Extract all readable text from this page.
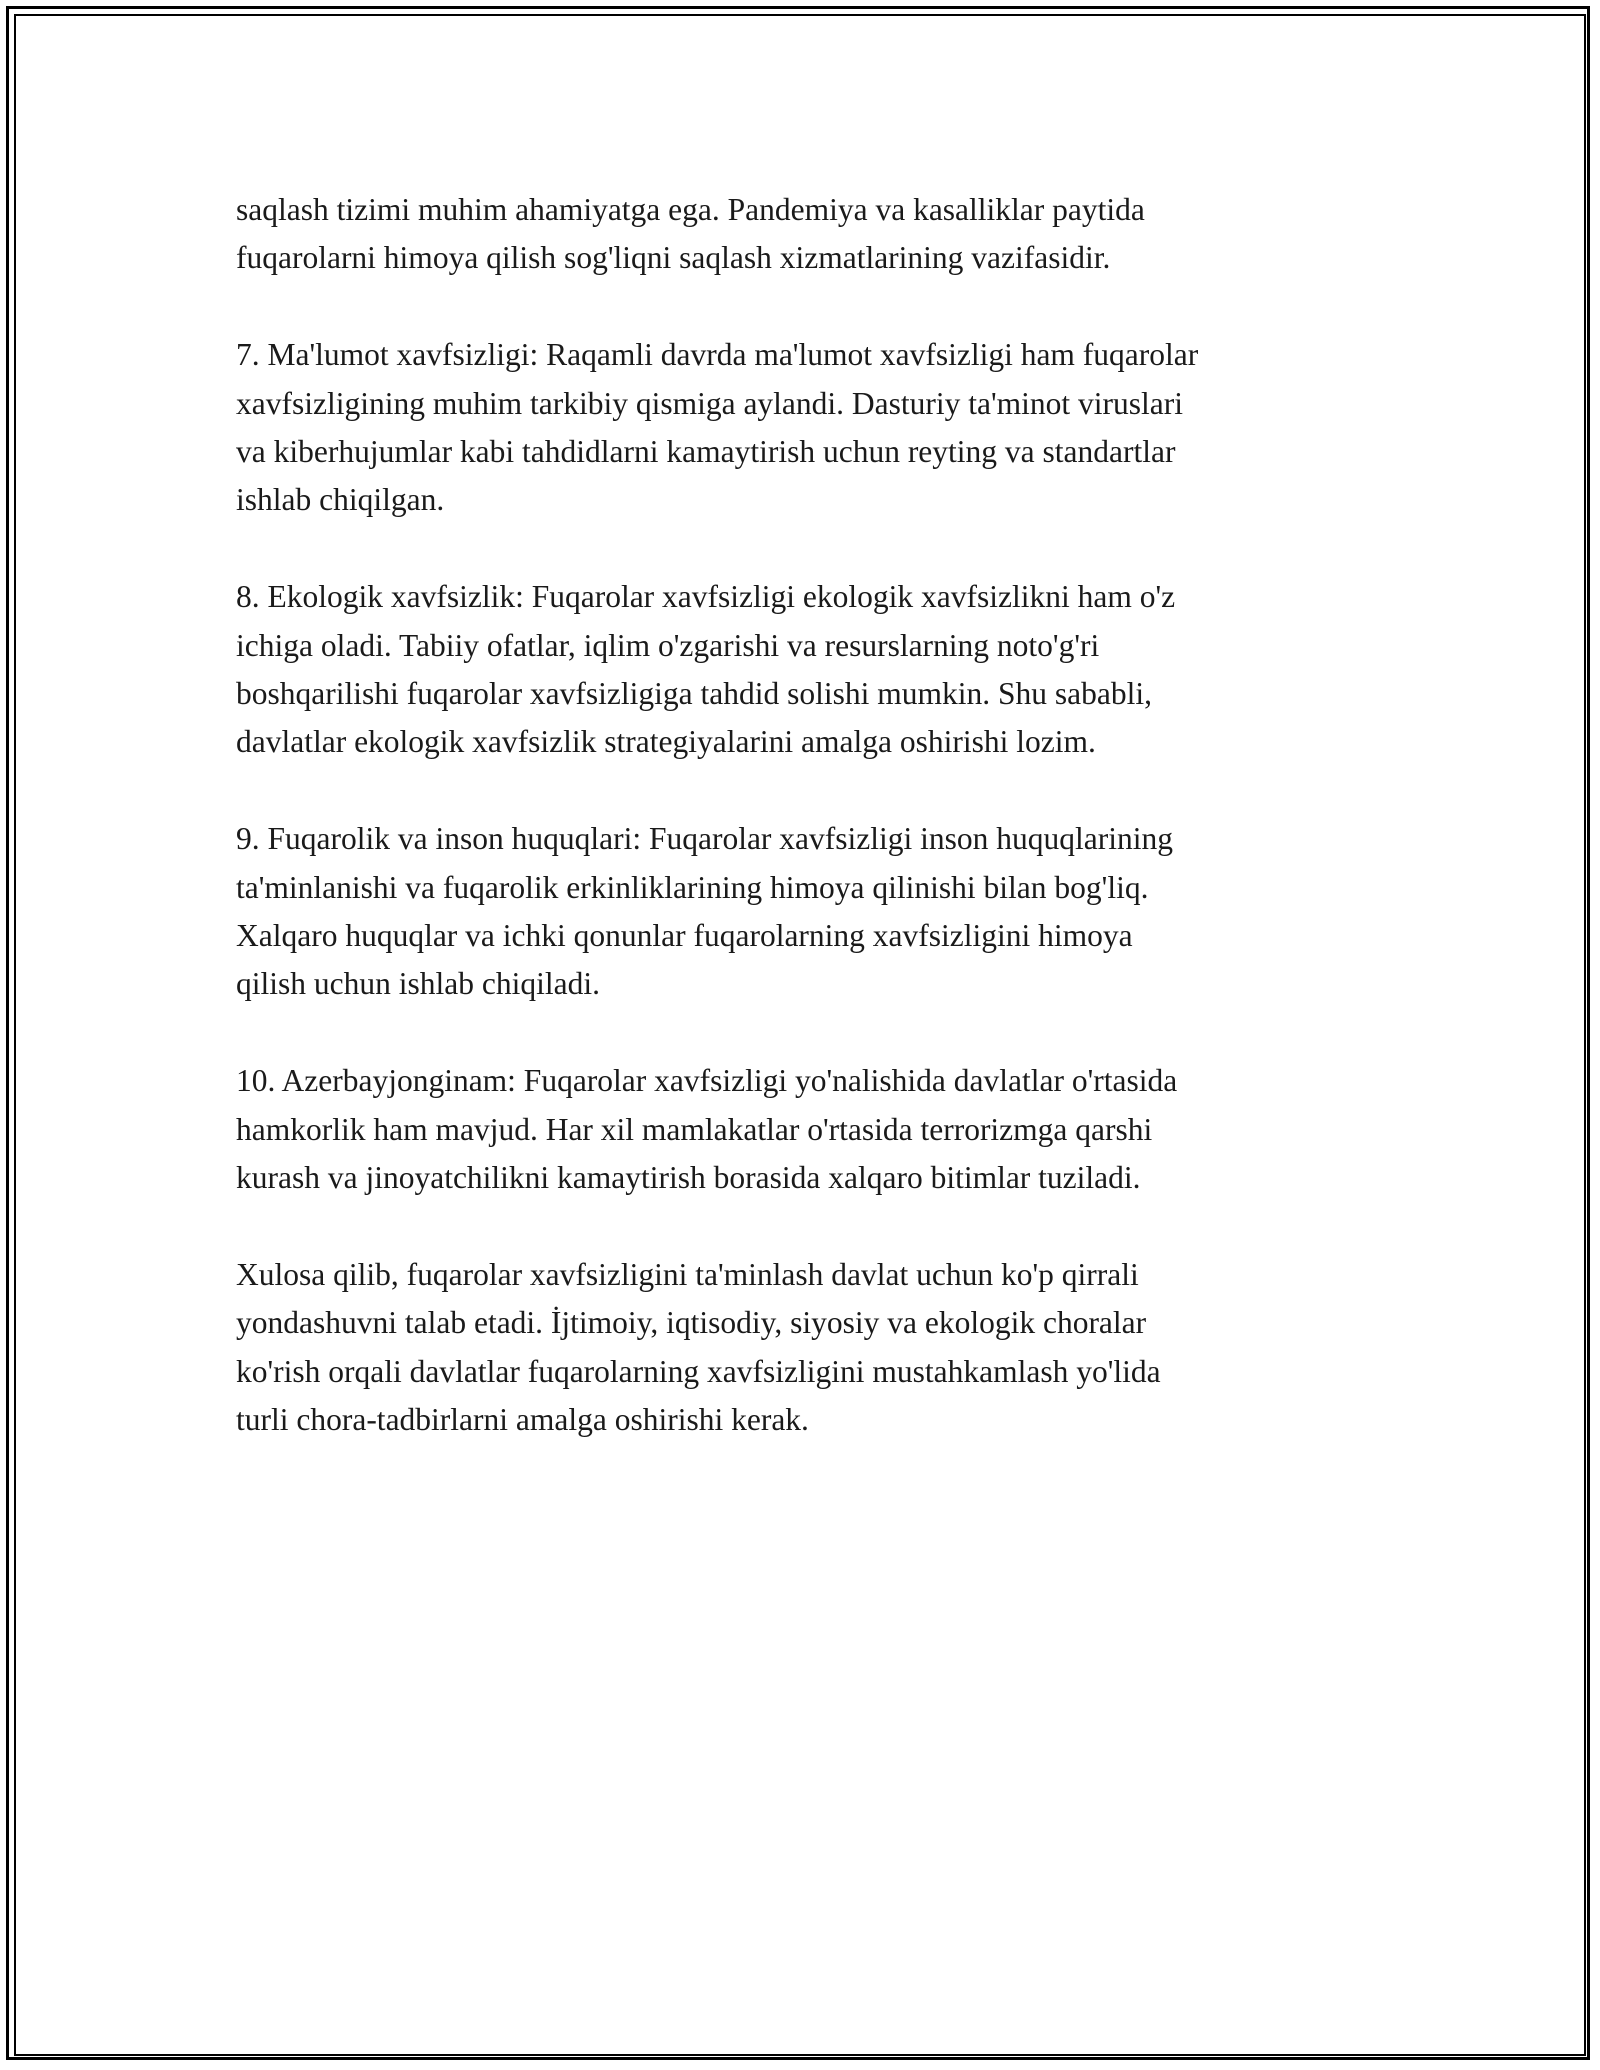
saqlash tizimi muhim ahamiyatga ega. Pandemiya va kasalliklar paytida
fuqarolarni himoya qilish sog'liqni saqlash xizmatlarining vazifasidir.

7. Ma'lumot xavfsizligi: Raqamli davrda ma'lumot xavfsizligi ham fuqarolar
xavfsizligining muhim tarkibiy qismiga aylandi. Dasturiy ta'minot viruslari
va kiberhujumlar kabi tahdidlarni kamaytirish uchun reyting va standartlar
ishlab chiqilgan.

8. Ekologik xavfsizlik: Fuqarolar xavfsizligi ekologik xavfsizlikni ham o'z
ichiga oladi. Tabiiy ofatlar, iqlim o'zgarishi va resurslarning noto'g'ri
boshqarilishi fuqarolar xavfsizligiga tahdid solishi mumkin. Shu sababli,
davlatlar ekologik xavfsizlik strategiyalarini amalga oshirishi lozim.

9. Fuqarolik va inson huquqlari: Fuqarolar xavfsizligi inson huquqlarining
ta'minlanishi va fuqarolik erkinliklarining himoya qilinishi bilan bog'liq.
Xalqaro huquqlar va ichki qonunlar fuqarolarning xavfsizligini himoya
qilish uchun ishlab chiqiladi.

10. Azerbayjonginam: Fuqarolar xavfsizligi yo'nalishida davlatlar o'rtasida
hamkorlik ham mavjud. Har xil mamlakatlar o'rtasida terrorizmga qarshi
kurash va jinoyatchilikni kamaytirish borasida xalqaro bitimlar tuziladi.

Xulosa qilib, fuqarolar xavfsizligini ta'minlash davlat uchun ko'p qirrali
yondashuvni talab etadi. İjtimoiy, iqtisodiy, siyosiy va ekologik choralar
ko'rish orqali davlatlar fuqarolarning xavfsizligini mustahkamlash yo'lida
turli chora-tadbirlarni amalga oshirishi kerak.
